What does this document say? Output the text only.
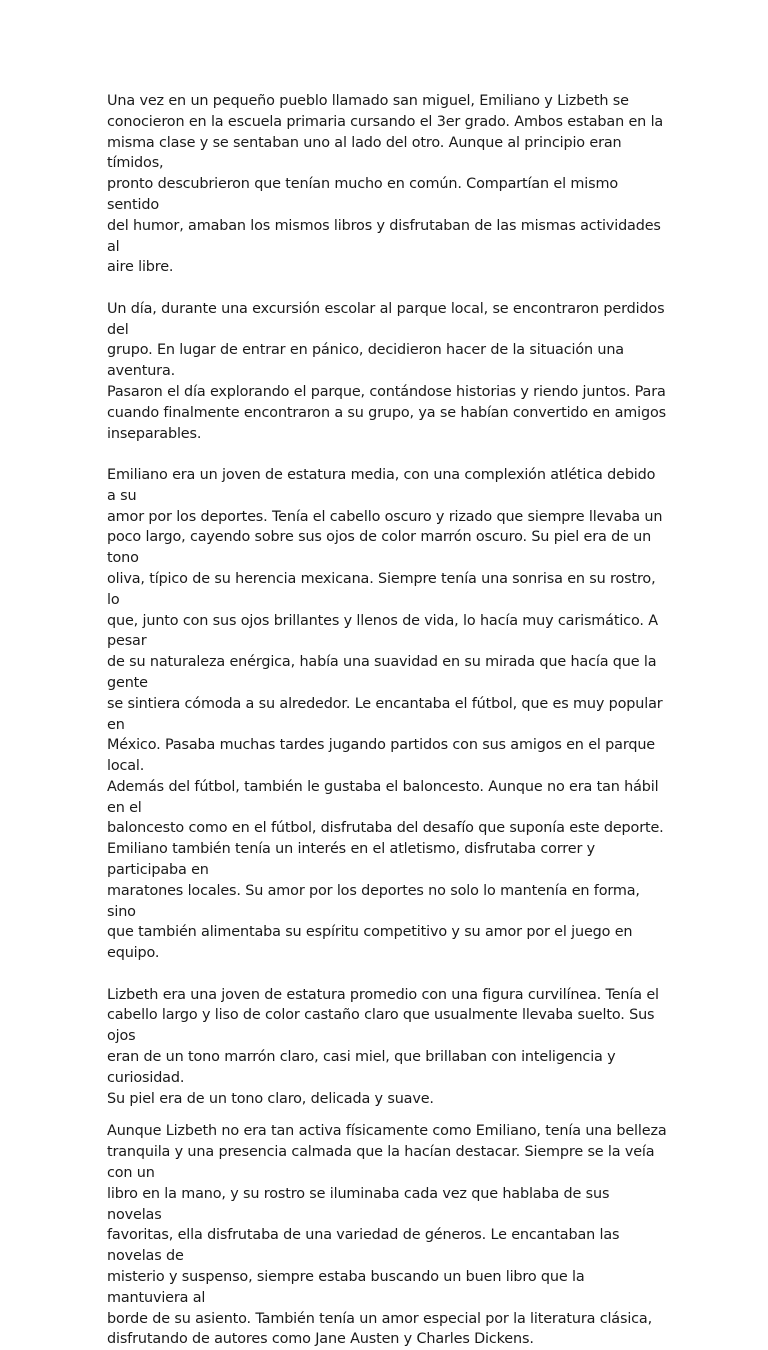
Una vez en un pequeño pueblo llamado san miguel, Emiliano y Lizbeth se
conocieron en la escuela primaria cursando el 3er grado. Ambos estaban en la
misma clase y se sentaban uno al lado del otro. Aunque al principio eran tímidos,
pronto descubrieron que tenían mucho en común. Compartían el mismo sentido
del humor, amaban los mismos libros y disfrutaban de las mismas actividades al
aire libre.

Un día, durante una excursión escolar al parque local, se encontraron perdidos del
grupo. En lugar de entrar en pánico, decidieron hacer de la situación una aventura.
Pasaron el día explorando el parque, contándose historias y riendo juntos. Para
cuando finalmente encontraron a su grupo, ya se habían convertido en amigos
inseparables.

Emiliano era un joven de estatura media, con una complexión atlética debido a su
amor por los deportes. Tenía el cabello oscuro y rizado que siempre llevaba un
poco largo, cayendo sobre sus ojos de color marrón oscuro. Su piel era de un tono
oliva, típico de su herencia mexicana. Siempre tenía una sonrisa en su rostro, lo
que, junto con sus ojos brillantes y llenos de vida, lo hacía muy carismático. A pesar
de su naturaleza enérgica, había una suavidad en su mirada que hacía que la gente
se sintiera cómoda a su alrededor. Le encantaba el fútbol, que es muy popular en
México. Pasaba muchas tardes jugando partidos con sus amigos en el parque local.
Además del fútbol, también le gustaba el baloncesto. Aunque no era tan hábil en el
baloncesto como en el fútbol, disfrutaba del desafío que suponía este deporte.
Emiliano también tenía un interés en el atletismo, disfrutaba correr y participaba en
maratones locales. Su amor por los deportes no solo lo mantenía en forma, sino
que también alimentaba su espíritu competitivo y su amor por el juego en equipo.

Lizbeth era una joven de estatura promedio con una figura curvilínea. Tenía el
cabello largo y liso de color castaño claro que usualmente llevaba suelto. Sus ojos
eran de un tono marrón claro, casi miel, que brillaban con inteligencia y curiosidad.
Su piel era de un tono claro, delicada y suave.

Aunque Lizbeth no era tan activa físicamente como Emiliano, tenía una belleza
tranquila y una presencia calmada que la hacían destacar. Siempre se la veía con un
libro en la mano, y su rostro se iluminaba cada vez que hablaba de sus novelas
favoritas, ella disfrutaba de una variedad de géneros. Le encantaban las novelas de
misterio y suspenso, siempre estaba buscando un buen libro que la mantuviera al
borde de su asiento. También tenía un amor especial por la literatura clásica,
disfrutando de autores como Jane Austen y Charles Dickens.
